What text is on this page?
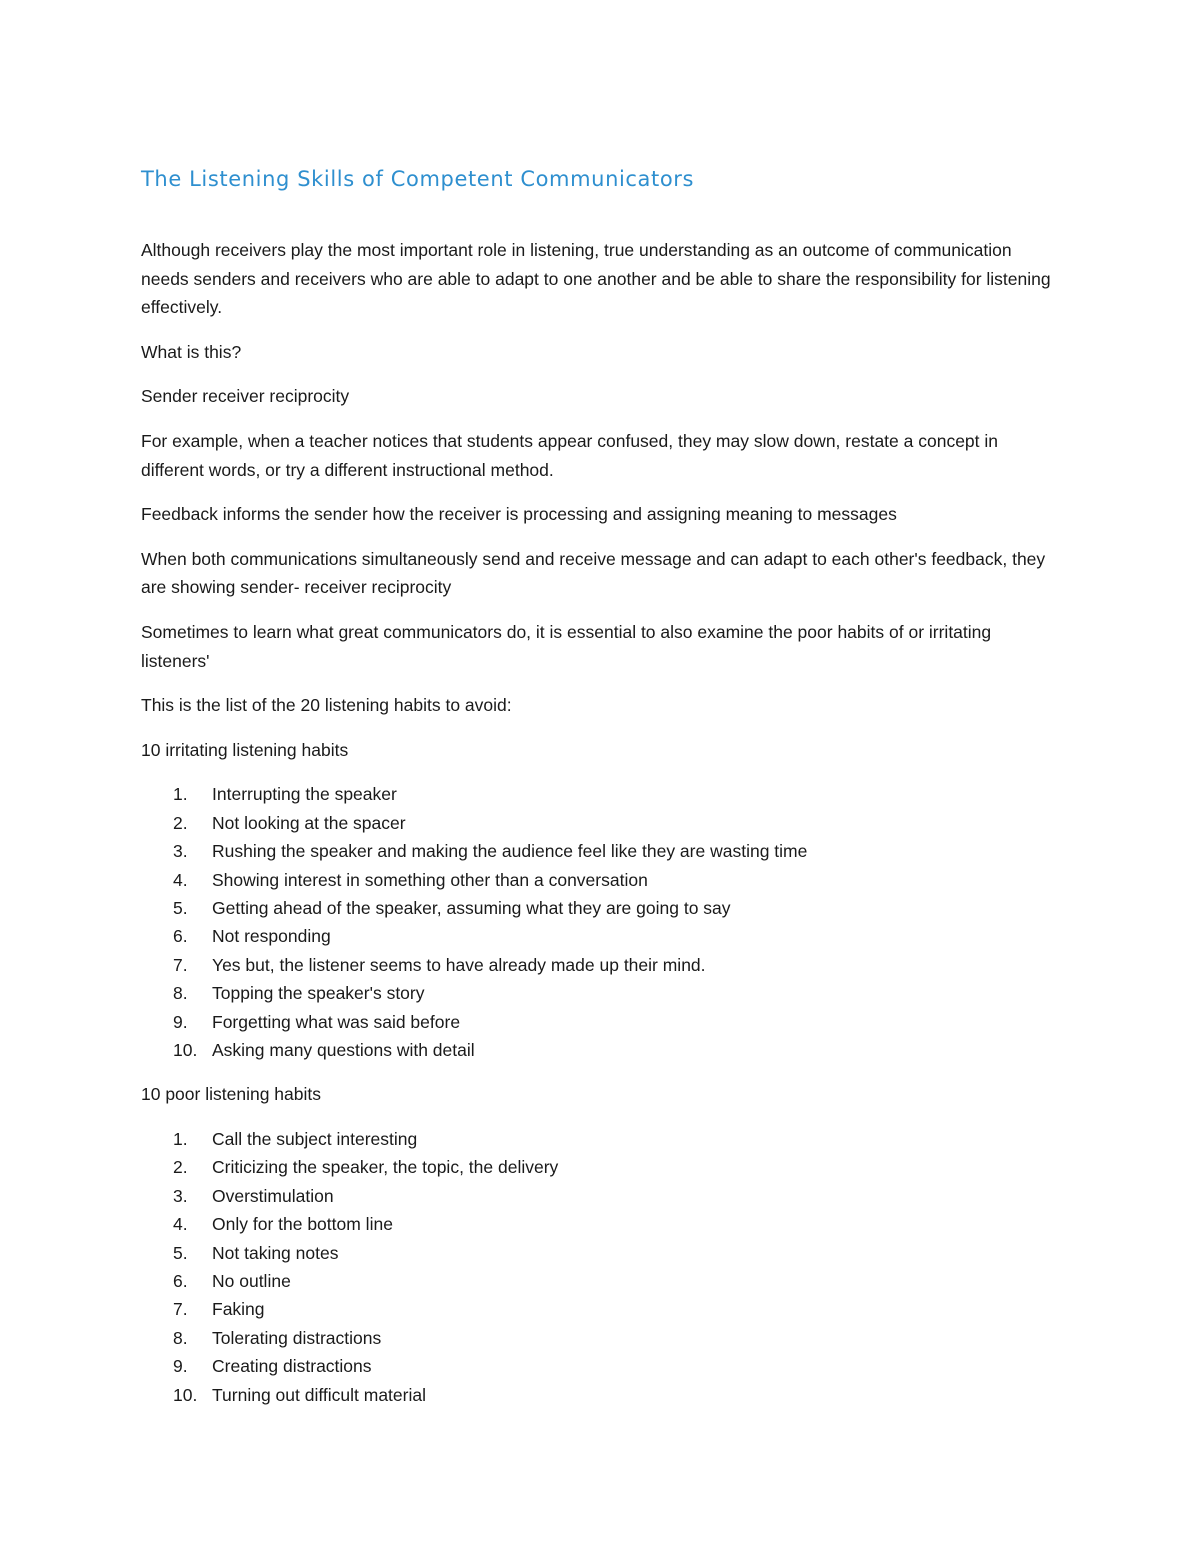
The Listening Skills of Competent Communicators

Although receivers play the most important role in listening, true understanding as an outcome of communication needs senders and receivers who are able to adapt to one another and be able to share the responsibility for listening effectively.

What is this?

Sender receiver reciprocity

For example, when a teacher notices that students appear confused, they may slow down, restate a concept in different words, or try a different instructional method.

Feedback informs the sender how the receiver is processing and assigning meaning to messages

When both communications simultaneously send and receive message and can adapt to each other's feedback, they are showing sender- receiver reciprocity

Sometimes to learn what great communicators do, it is essential to also examine the poor habits of or irritating listeners'

This is the list of the 20 listening habits to avoid:

10 irritating listening habits

1.	Interrupting the speaker
2.	Not looking at the spacer
3.	Rushing the speaker and making the audience feel like they are wasting time
4.	Showing interest in something other than a conversation
5.	Getting ahead of the speaker, assuming what they are going to say
6.	Not responding
7.	Yes but, the listener seems to have already made up their mind.
8.	Topping the speaker's story
9.	Forgetting what was said before
10. Asking many questions with detail

10 poor listening habits

1.	Call the subject interesting
2.	Criticizing the speaker, the topic, the delivery
3.	Overstimulation
4.	Only for the bottom line
5.	Not taking notes
6.	No outline
7.	Faking
8.	Tolerating distractions
9.	Creating distractions
10. Turning out difficult material
